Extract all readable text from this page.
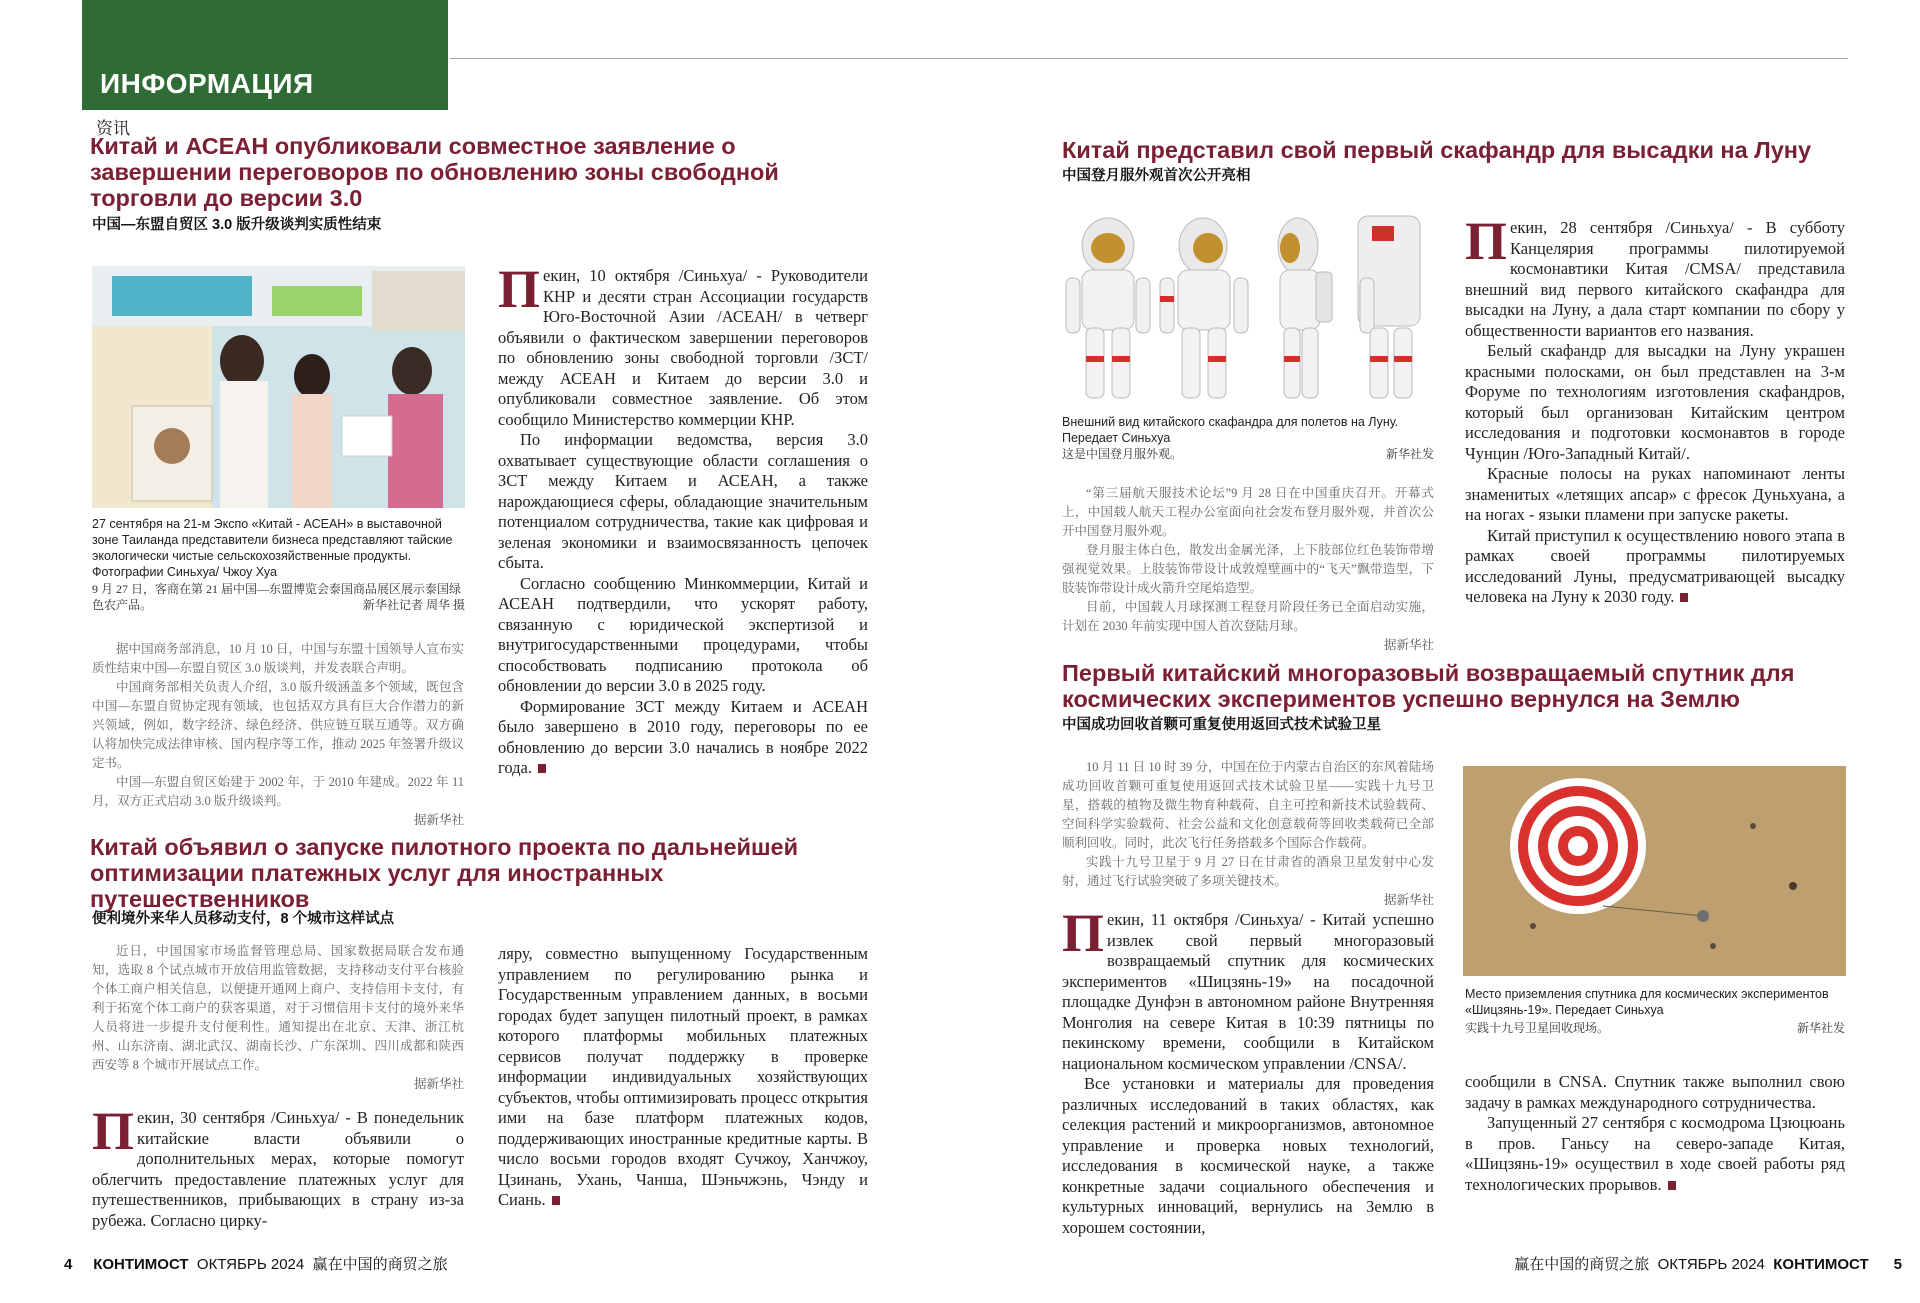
ИНФОРМАЦИЯ
资讯
Китай и АСЕАН опубликовали совместное заявление о завершении переговоров по обновлению зоны свободной торговли до версии 3.0
中国—东盟自贸区 3.0 版升级谈判实质性结束
27 сентября на 21-м Экспо «Китай - АСЕАН» в выставочной зоне Таиланда представители бизнеса представляют тайские экологически чистые сельскохозяйственные продукты. Фотографии Синьхуа/ Чжоу Хуа
9 月 27 日，客商在第 21 届中国—东盟博览会泰国商品展区展示泰国绿色农产品。	新华社记者 周华 摄

据中国商务部消息，10 月 10 日，中国与东盟十国领导人宣布实质性结束中国—东盟自贸区 3.0 版谈判，并发表联合声明。

中国商务部相关负责人介绍，3.0 版升级涵盖多个领域，既包含中国—东盟自贸协定现有领域，也包括双方具有巨大合作潜力的新兴领域，例如，数字经济、绿色经济、供应链互联互通等。双方确认将加快完成法律审核、国内程序等工作，推动 2025 年签署升级议定书。

中国—东盟自贸区始建于 2002 年，于 2010 年建成。2022 年 11 月，双方正式启动 3.0 版升级谈判。

据新华社

Пекин, 10 октября /Синьхуа/ - Руководители КНР и десяти стран Ассоциации государств Юго-Восточной Азии /АСЕАН/ в четверг объявили о фактическом завершении переговоров по обновлению зоны свободной торговли /ЗСТ/ между АСЕАН и Китаем до версии 3.0 и опубликовали совместное заявление. Об этом сообщило Министерство коммерции КНР.

По информации ведомства, версия 3.0 охватывает существующие области соглашения о ЗСТ между Китаем и АСЕАН, а также нарождающиеся сферы, обладающие значительным потенциалом сотрудничества, такие как цифровая и зеленая экономики и взаимосвязанность цепочек сбыта.

Согласно сообщению Минкоммерции, Китай и АСЕАН подтвердили, что ускорят работу, связанную с юридической экспертизой и внутригосударственными процедурами, чтобы способствовать подписанию протокола об обновлении до версии 3.0 в 2025 году.

Формирование ЗСТ между Китаем и АСЕАН было завершено в 2010 году, переговоры по ее обновлению до версии 3.0 начались в ноябре 2022 года.

Китай объявил о запуске пилотного проекта по дальнейшей оптимизации платежных услуг для иностранных путешественников
便利境外来华人员移动支付，8 个城市这样试点

近日，中国国家市场监督管理总局、国家数据局联合发布通知，选取 8 个试点城市开放信用监管数据，支持移动支付平台核验个体工商户相关信息，以便捷开通网上商户、支持信用卡支付，有利于拓宽个体工商户的获客渠道，对于习惯信用卡支付的境外来华人员将进一步提升支付便利性。通知提出在北京、天津、浙江杭州、山东济南、湖北武汉、湖南长沙、广东深圳、四川成都和陕西西安等 8 个城市开展试点工作。

据新华社

Пекин, 30 сентября /Синьхуа/ - В понедельник китайские власти объявили о дополнительных мерах, которые помогут облегчить предоставление платежных услуг для путешественников, прибывающих в страну из-за рубежа. Согласно цирку-

ляру, совместно выпущенному Государственным управлением по регулированию рынка и Государственным управлением данных, в восьми городах будет запущен пилотный проект, в рамках которого платформы мобильных платежных сервисов получат поддержку в проверке информации индивидуальных хозяйствующих субъектов, чтобы оптимизировать процесс открытия ими на базе платформ платежных кодов, поддерживающих иностранные кредитные карты. В число восьми городов входят Сучжоу, Ханчжоу, Цзинань, Ухань, Чанша, Шэньчжэнь, Чэнду и Сиань.

Китай представил свой первый скафандр для высадки на Луну
中国登月服外观首次公开亮相
Внешний вид китайского скафандра для полетов на Луну. Передает Синьхуа
这是中国登月服外观。	新华社发

“第三届航天服技术论坛”9 月 28 日在中国重庆召开。开幕式上，中国载人航天工程办公室面向社会发布登月服外观，并首次公开中国登月服外观。

登月服主体白色，散发出金属光泽，上下肢部位红色装饰带增强视觉效果。上肢装饰带设计成敦煌壁画中的“飞天”飘带造型，下肢装饰带设计成火箭升空尾焰造型。

目前，中国载人月球探测工程登月阶段任务已全面启动实施，计划在 2030 年前实现中国人首次登陆月球。

据新华社

Пекин, 28 сентября /Синьхуа/ - В субботу Канцелярия программы пилотируемой космонавтики Китая /CMSA/ представила внешний вид первого китайского скафандра для высадки на Луну, а дала старт компании по сбору у общественности вариантов его названия.

Белый скафандр для высадки на Луну украшен красными полосками, он был представлен на 3-м Форуме по технологиям изготовления скафандров, который был организован Китайским центром исследования и подготовки космонавтов в городе Чунцин /Юго-Западный Китай/.

Красные полосы на руках напоминают ленты знаменитых «летящих апсар» с фресок Дуньхуана, а на ногах - языки пламени при запуске ракеты.

Китай приступил к осуществлению нового этапа в рамках своей программы пилотируемых исследований Луны, предусматривающей высадку человека на Луну к 2030 году.

Первый китайский многоразовый возвращаемый спутник для космических экспериментов успешно вернулся на Землю
中国成功回收首颗可重复使用返回式技术试验卫星

10 月 11 日 10 时 39 分，中国在位于内蒙古自治区的东风着陆场成功回收首颗可重复使用返回式技术试验卫星——实践十九号卫星，搭载的植物及微生物育种载荷、自主可控和新技术试验载荷、空间科学实验载荷、社会公益和文化创意载荷等回收类载荷已全部顺利回收。同时，此次飞行任务搭载多个国际合作载荷。

实践十九号卫星于 9 月 27 日在甘肃省的酒泉卫星发射中心发射，通过飞行试验突破了多项关键技术。

据新华社
Место приземления спутника для космических экспериментов «Шицзянь-19». Передает Синьхуа
实践十九号卫星回收现场。	新华社发

Пекин, 11 октября /Синьхуа/ - Китай успешно извлек свой первый многоразовый возвращаемый спутник для космических экспериментов «Шицзянь-19» на посадочной площадке Дунфэн в автономном районе Внутренняя Монголия на севере Китая в 10:39 пятницы по пекинскому времени, сообщили в Китайском национальном космическом управлении /CNSA/.

Все установки и материалы для проведения различных исследований в таких областях, как селекция растений и микроорганизмов, автономное управление и проверка новых технологий, исследования в космической науке, а также конкретные задачи социального обеспечения и культурных инноваций, вернулись на Землю в хорошем состоянии,

сообщили в CNSA. Спутник также выполнил свою задачу в рамках международного сотрудничества.

Запущенный 27 сентября с космодрома Цзюцюань в пров. Ганьсу на северо-западе Китая, «Шицзянь-19» осуществил в ходе своей работы ряд технологических прорывов.

4 КОНТИМОСТ ОКТЯБРЬ 2024 赢在中国的商贸之旅	赢在中国的商贸之旅 ОКТЯБРЬ 2024 КОНТИМОСТ 5
